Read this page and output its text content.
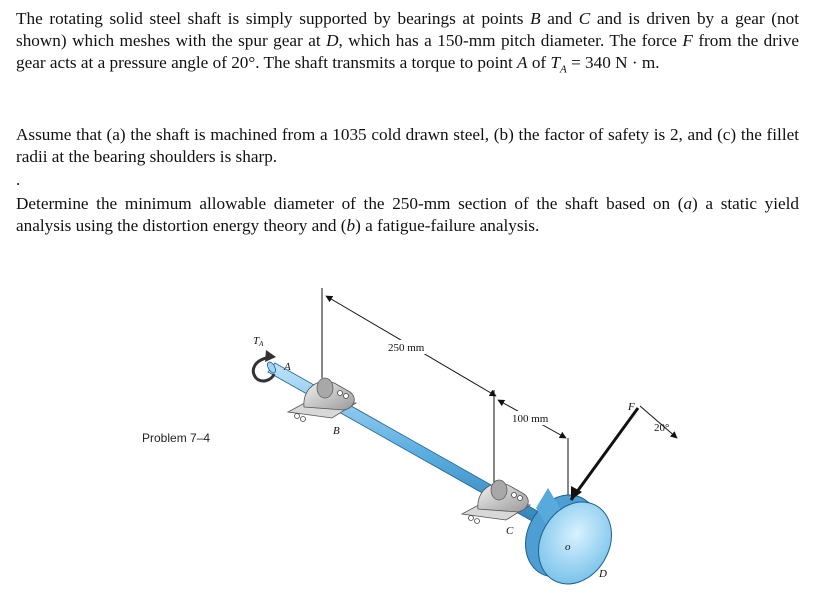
The rotating solid steel shaft is simply supported by bearings at points B and C and is driven by a gear (not shown) which meshes with the spur gear at D, which has a 150-mm pitch diameter. The force F from the drive gear acts at a pressure angle of 20°. The shaft transmits a torque to point A of $T_A = 340$ N · m.

Assume that (a) the shaft is machined from a 1035 cold drawn steel, (b) the factor of safety is 2, and (c) the fillet radii at the bearing shoulders is sharp.

.

Determine the minimum allowable diameter of the 250-mm section of the shaft based on (a) a static yield analysis using the distortion energy theory and (b) a fatigue-failure analysis.

Problem 7–4
250 mm
100 mm
o
F
20°
TA
A
B
C
D
